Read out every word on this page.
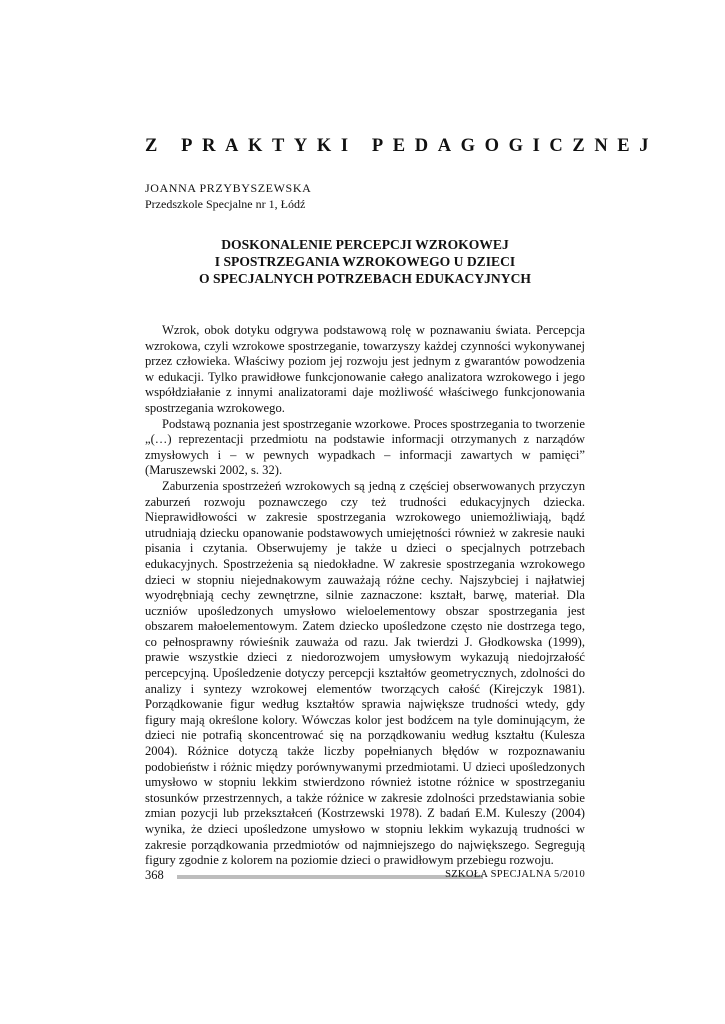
Z PRAKTYKI PEDAGOGICZNEJ
JOANNA PRZYBYSZEWSKA
Przedszkole Specjalne nr 1, Łódź
DOSKONALENIE PERCEPCJI WZROKOWEJ
I SPOSTRZEGANIA WZROKOWEGO U DZIECI
O SPECJALNYCH POTRZEBACH EDUKACYJNYCH

Wzrok, obok dotyku odgrywa podstawową rolę w poznawaniu świata. Percepcja wzrokowa, czyli wzrokowe spostrzeganie, towarzyszy każdej czynności wykonywanej przez człowieka. Właściwy poziom jej rozwoju jest jednym z gwarantów powodzenia w edukacji. Tylko prawidłowe funkcjonowanie całego analizatora wzrokowego i jego współdziałanie z innymi analizatorami daje możliwość właściwego funkcjonowania spostrzegania wzrokowego.

Podstawą poznania jest spostrzeganie wzorkowe. Proces spostrzegania to tworzenie „(…) reprezentacji przedmiotu na podstawie informacji otrzymanych z narządów zmysłowych i – w pewnych wypadkach – informacji zawartych w pamięci” (Maruszewski 2002, s. 32).

Zaburzenia spostrzeżeń wzrokowych są jedną z częściej obserwowanych przyczyn zaburzeń rozwoju poznawczego czy też trudności edukacyjnych dziecka. Nieprawidłowości w zakresie spostrzegania wzrokowego uniemożliwiają, bądź utrudniają dziecku opanowanie podstawowych umiejętności również w zakresie nauki pisania i czytania. Obserwujemy je także u dzieci o specjalnych potrzebach edukacyjnych. Spostrzeżenia są niedokładne. W zakresie spostrzegania wzrokowego dzieci w stopniu niejednakowym zauważają różne cechy. Najszybciej i najłatwiej wyodrębniają cechy zewnętrzne, silnie zaznaczone: kształt, barwę, materiał. Dla uczniów upośledzonych umysłowo wieloelementowy obszar spostrzegania jest obszarem małoelementowym. Zatem dziecko upośledzone często nie dostrzega tego, co pełnosprawny rówieśnik zauważa od razu. Jak twierdzi J. Głodkowska (1999), prawie wszystkie dzieci z niedorozwojem umysłowym wykazują niedojrzałość percepcyjną. Upośledzenie dotyczy percepcji kształtów geometrycznych, zdolności do analizy i syntezy wzrokowej elementów tworzących całość (Kirejczyk 1981). Porządkowanie figur według kształtów sprawia największe trudności wtedy, gdy figury mają określone kolory. Wówczas kolor jest bodźcem na tyle dominującym, że dzieci nie potrafią skoncentrować się na porządkowaniu według kształtu (Kulesza 2004). Różnice dotyczą także liczby popełnianych błędów w rozpoznawaniu podobieństw i różnic między porównywanymi przedmiotami. U dzieci upośledzonych umysłowo w stopniu lekkim stwierdzono również istotne różnice w spostrzeganiu stosunków przestrzennych, a także różnice w zakresie zdolności przedstawiania sobie zmian pozycji lub przekształceń (Kostrzewski 1978). Z badań E.M. Kuleszy (2004) wynika, że dzieci upośledzone umysłowo w stopniu lekkim wykazują trudności w zakresie porządkowania przedmiotów od najmniejszego do największego. Segregują figury zgodnie z kolorem na poziomie dzieci o prawidłowym przebiegu rozwoju.

368	SZKOŁA SPECJALNA 5/2010
